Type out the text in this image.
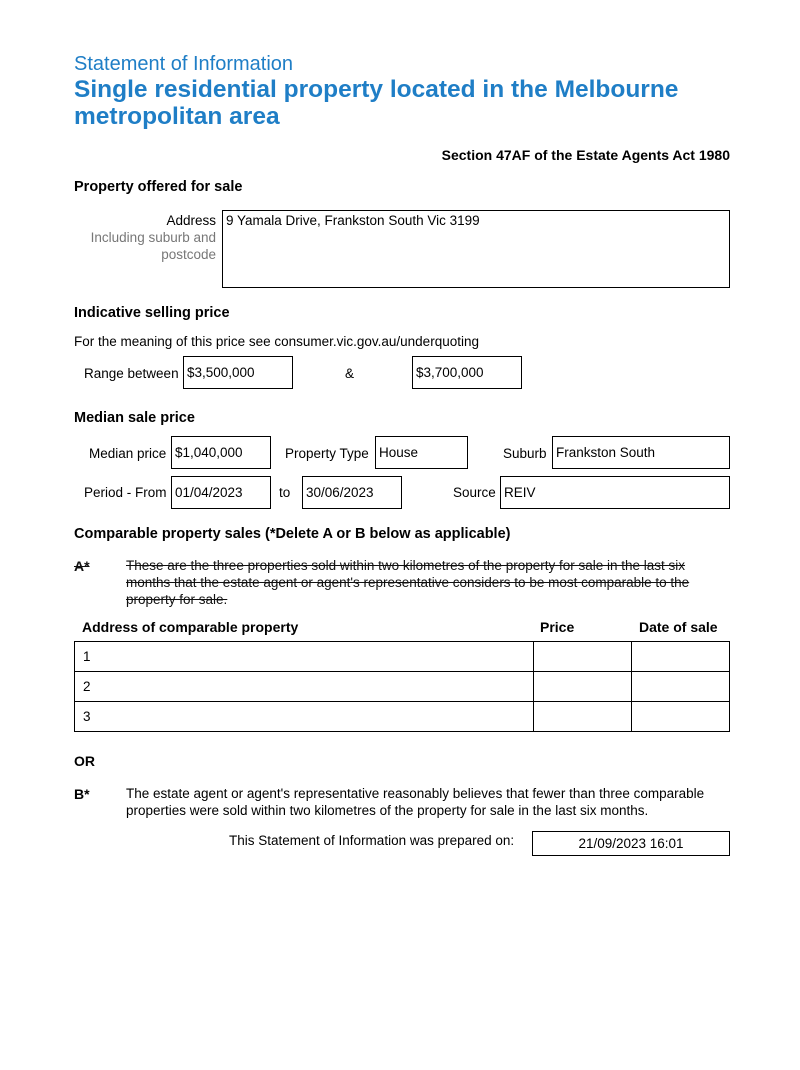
Statement of Information
Single residential property located in the Melbourne metropolitan area
Section 47AF of the Estate Agents Act 1980
Property offered for sale
Address
Including suburb and postcode
9 Yamala Drive, Frankston South Vic 3199
Indicative selling price
For the meaning of this price see consumer.vic.gov.au/underquoting
Range between $3,500,000	&	$3,700,000
Median sale price
Median price $1,040,000	Property Type House	Suburb Frankston South
Period - From 01/04/2023	to 30/06/2023	Source REIV
Comparable property sales (*Delete A or B below as applicable)
A*	These are the three properties sold within two kilometres of the property for sale in the last six months that the estate agent or agent's representative considers to be most comparable to the property for sale.
Address of comparable property	Price	Date of sale
1		
2		
3		
OR
B*	The estate agent or agent's representative reasonably believes that fewer than three comparable properties were sold within two kilometres of the property for sale in the last six months.
This Statement of Information was prepared on:	21/09/2023 16:01
